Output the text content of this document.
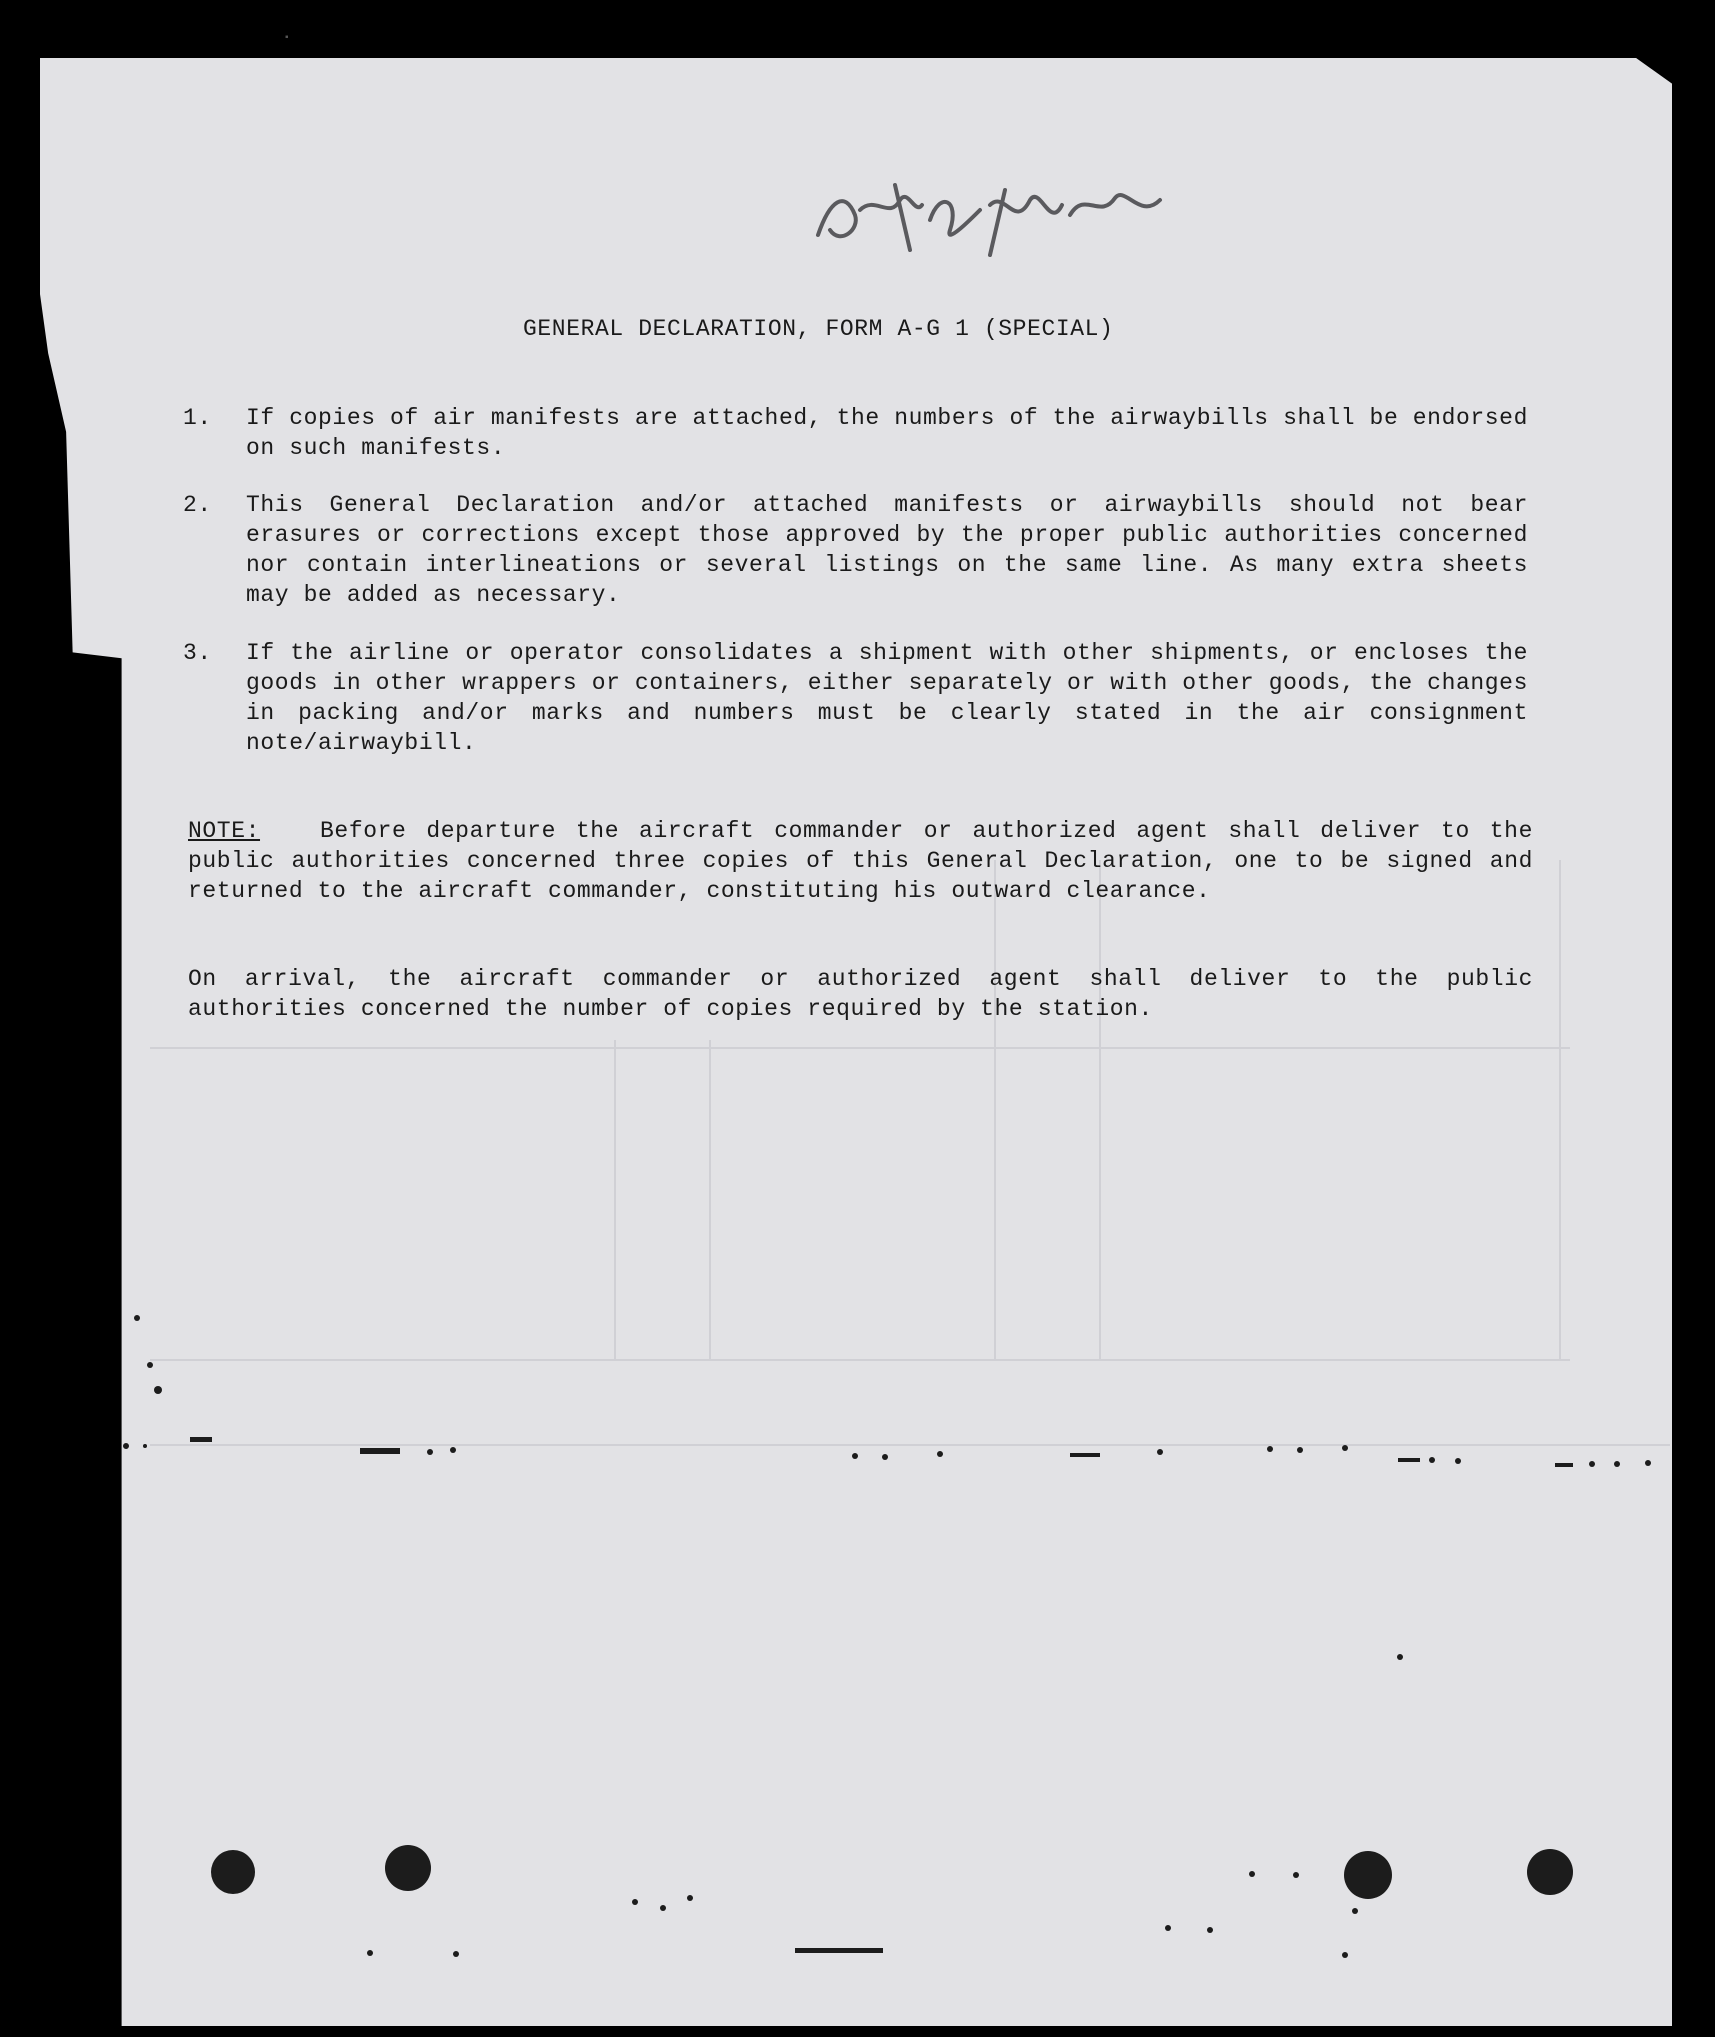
▪
GENERAL DECLARATION, FORM A-G 1 (SPECIAL)
1.	If copies of air manifests are attached, the numbers of the airwaybills shall be endorsed on such manifests.
2.	This General Declaration and/or attached manifests or airwaybills should not bear erasures or corrections except those approved by the proper public authorities concerned nor contain interlineations or several listings on the same line. As many extra sheets may be added as necessary.
3.	If the airline or operator consolidates a shipment with other shipments, or encloses the goods in other wrappers or containers, either separately or with other goods, the changes in packing and/or marks and numbers must be clearly stated in the air consignment note/airwaybill.
NOTE:	Before departure the aircraft commander or authorized agent shall deliver to the public authorities concerned three copies of this General Declaration, one to be signed and returned to the aircraft commander, constituting his outward clearance.
On arrival, the aircraft commander or authorized agent shall deliver to the public authorities concerned the number of copies required by the station.
